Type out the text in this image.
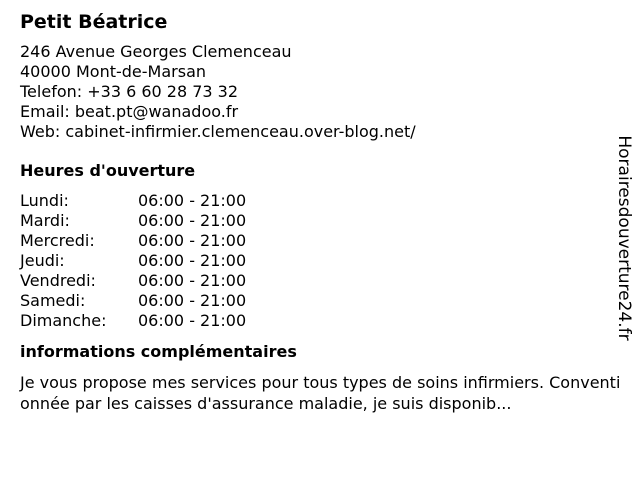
Petit Béatrice
246 Avenue Georges Clemenceau
40000 Mont-de-Marsan
Telefon: +33 6 60 28 73 32
Email: beat.pt@wanadoo.fr
Web: cabinet-infirmier.clemenceau.over-blog.net/
Heures d'ouverture
Lundi:	06:00 - 21:00
Mardi:	06:00 - 21:00
Mercredi:	06:00 - 21:00
Jeudi:	06:00 - 21:00
Vendredi:	06:00 - 21:00
Samedi:	06:00 - 21:00
Dimanche:	06:00 - 21:00
informations complémentaires
Je vous propose mes services pour tous types de soins infirmiers. Conventionnée par les caisses d'assurance maladie, je suis disponib...
Horairesdouverture24.fr
